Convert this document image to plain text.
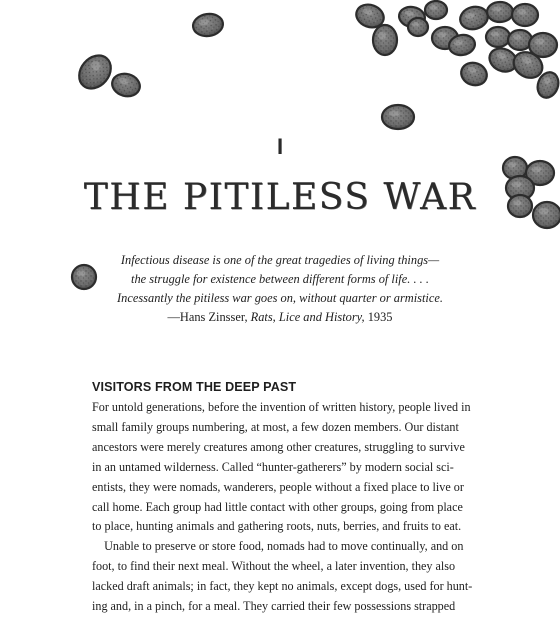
I
THE PITILESS WAR
Infectious disease is one of the great tragedies of living things—
the struggle for existence between different forms of life. . . .
Incessantly the pitiless war goes on, without quarter or armistice.
—Hans Zinsser, Rats, Lice and History, 1935
VISITORS FROM THE DEEP PAST
For untold generations, before the invention of written history, people lived in
small family groups numbering, at most, a few dozen members. Our distant
ancestors were merely creatures among other creatures, struggling to survive
in an untamed wilderness. Called “hunter-gatherers” by modern social sci-
entists, they were nomads, wanderers, people without a fixed place to live or
call home. Each group had little contact with other groups, going from place
to place, hunting animals and gathering roots, nuts, berries, and fruits to eat.
Unable to preserve or store food, nomads had to move continually, and on
foot, to find their next meal. Without the wheel, a later invention, they also
lacked draft animals; in fact, they kept no animals, except dogs, used for hunt-
ing and, in a pinch, for a meal. They carried their few possessions strapped
